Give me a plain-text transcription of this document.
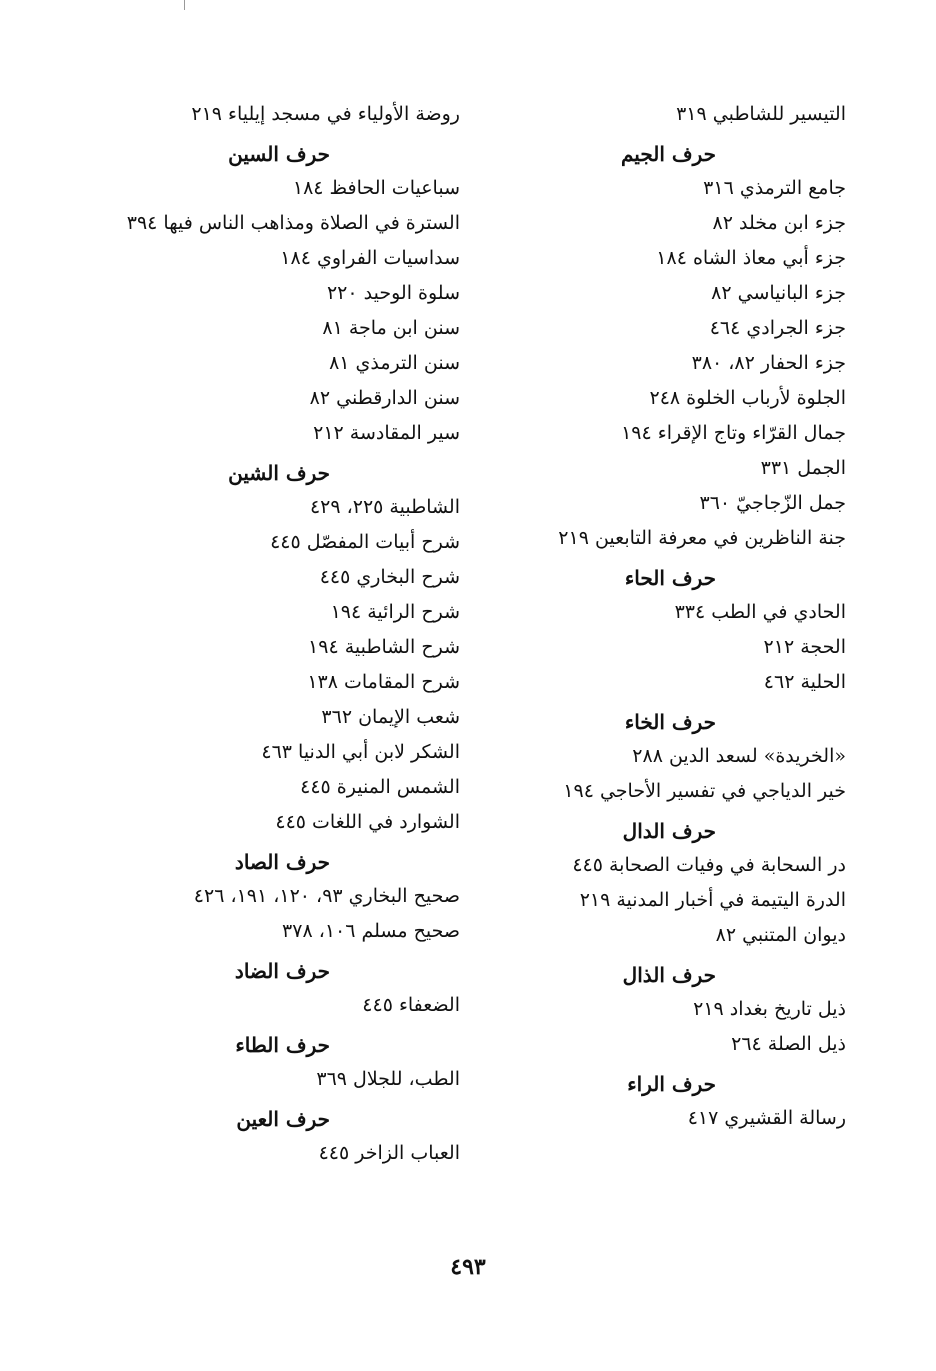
التيسير للشاطبي ٣١٩
حرف الجيم
جامع الترمذي ٣١٦
جزء ابن مخلد ٨٢
جزء أبي معاذ الشاه ١٨٤
جزء البانياسي ٨٢
جزء الجرادي ٤٦٤
جزء الحفار ٨٢، ٣٨٠
الجلوة لأرباب الخلوة ٢٤٨
جمال القرّاء وتاج الإقراء ١٩٤
الجمل ٣٣١
جمل الزّجاجيّ ٣٦٠
جنة الناظرين في معرفة التابعين ٢١٩
حرف الحاء
الحادي في الطب ٣٣٤
الحجة ٢١٢
الحلية ٤٦٢
حرف الخاء
«الخريدة» لسعد الدين ٢٨٨
خير الدياجي في تفسير الأحاجي ١٩٤
حرف الدال
در السحابة في وفيات الصحابة ٤٤٥
الدرة اليتيمة في أخبار المدنية ٢١٩
ديوان المتنبي ٨٢
حرف الذال
ذيل تاريخ بغداد ٢١٩
ذيل الصلة ٢٦٤
حرف الراء
رسالة القشيري ٤١٧
روضة الأولياء في مسجد إيلياء ٢١٩
حرف السين
سباعيات الحافظ ١٨٤
السترة في الصلاة ومذاهب الناس فيها ٣٩٤
سداسيات الفراوي ١٨٤
سلوة الوحيد ٢٢٠
سنن ابن ماجة ٨١
سنن الترمذي ٨١
سنن الدارقطني ٨٢
سير المقادسة ٢١٢
حرف الشين
الشاطبية ٢٢٥، ٤٢٩
شرح أبيات المفصّل ٤٤٥
شرح البخاري ٤٤٥
شرح الرائية ١٩٤
شرح الشاطبية ١٩٤
شرح المقامات ١٣٨
شعب الإيمان ٣٦٢
الشكر لابن أبي الدنيا ٤٦٣
الشمس المنيرة ٤٤٥
الشوارد في اللغات ٤٤٥
حرف الصاد
صحيح البخاري ٩٣، ١٢٠، ١٩١، ٤٢٦
صحيح مسلم ١٠٦، ٣٧٨
حرف الضاد
الضعفاء ٤٤٥
حرف الطاء
الطب، للجلال ٣٦٩
حرف العين
العباب الزاخر ٤٤٥
٤٩٣
